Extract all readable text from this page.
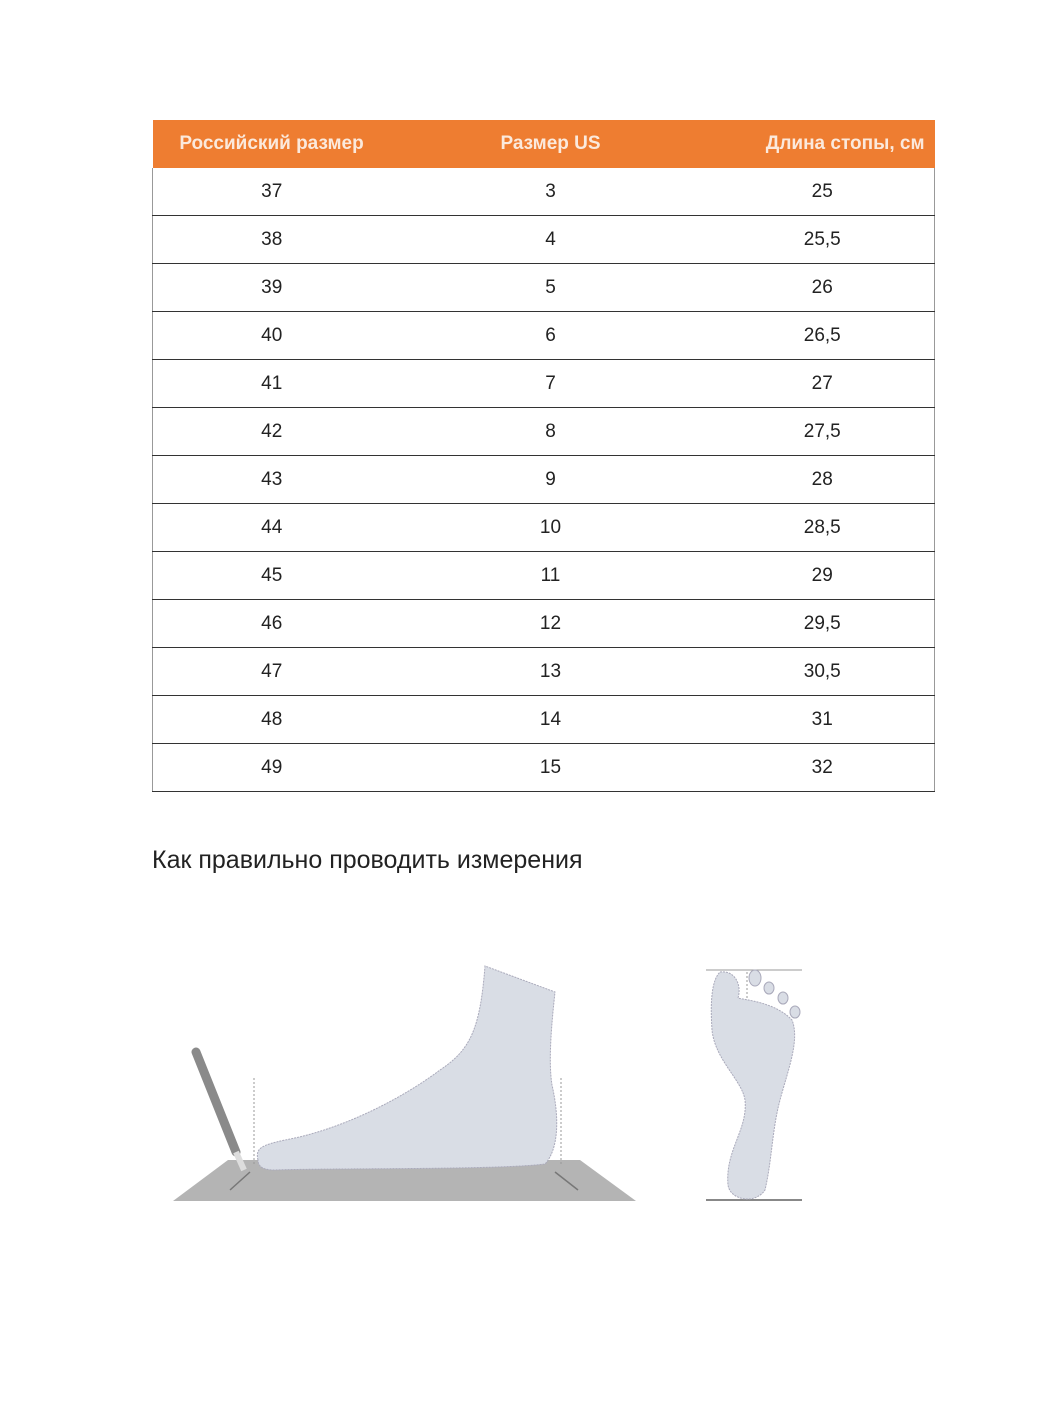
Российский размер	Размер US	Длина стопы, см
37	3	25
38	4	25,5
39	5	26
40	6	26,5
41	7	27
42	8	27,5
43	9	28
44	10	28,5
45	11	29
46	12	29,5
47	13	30,5
48	14	31
49	15	32
Как правильно проводить измерения
